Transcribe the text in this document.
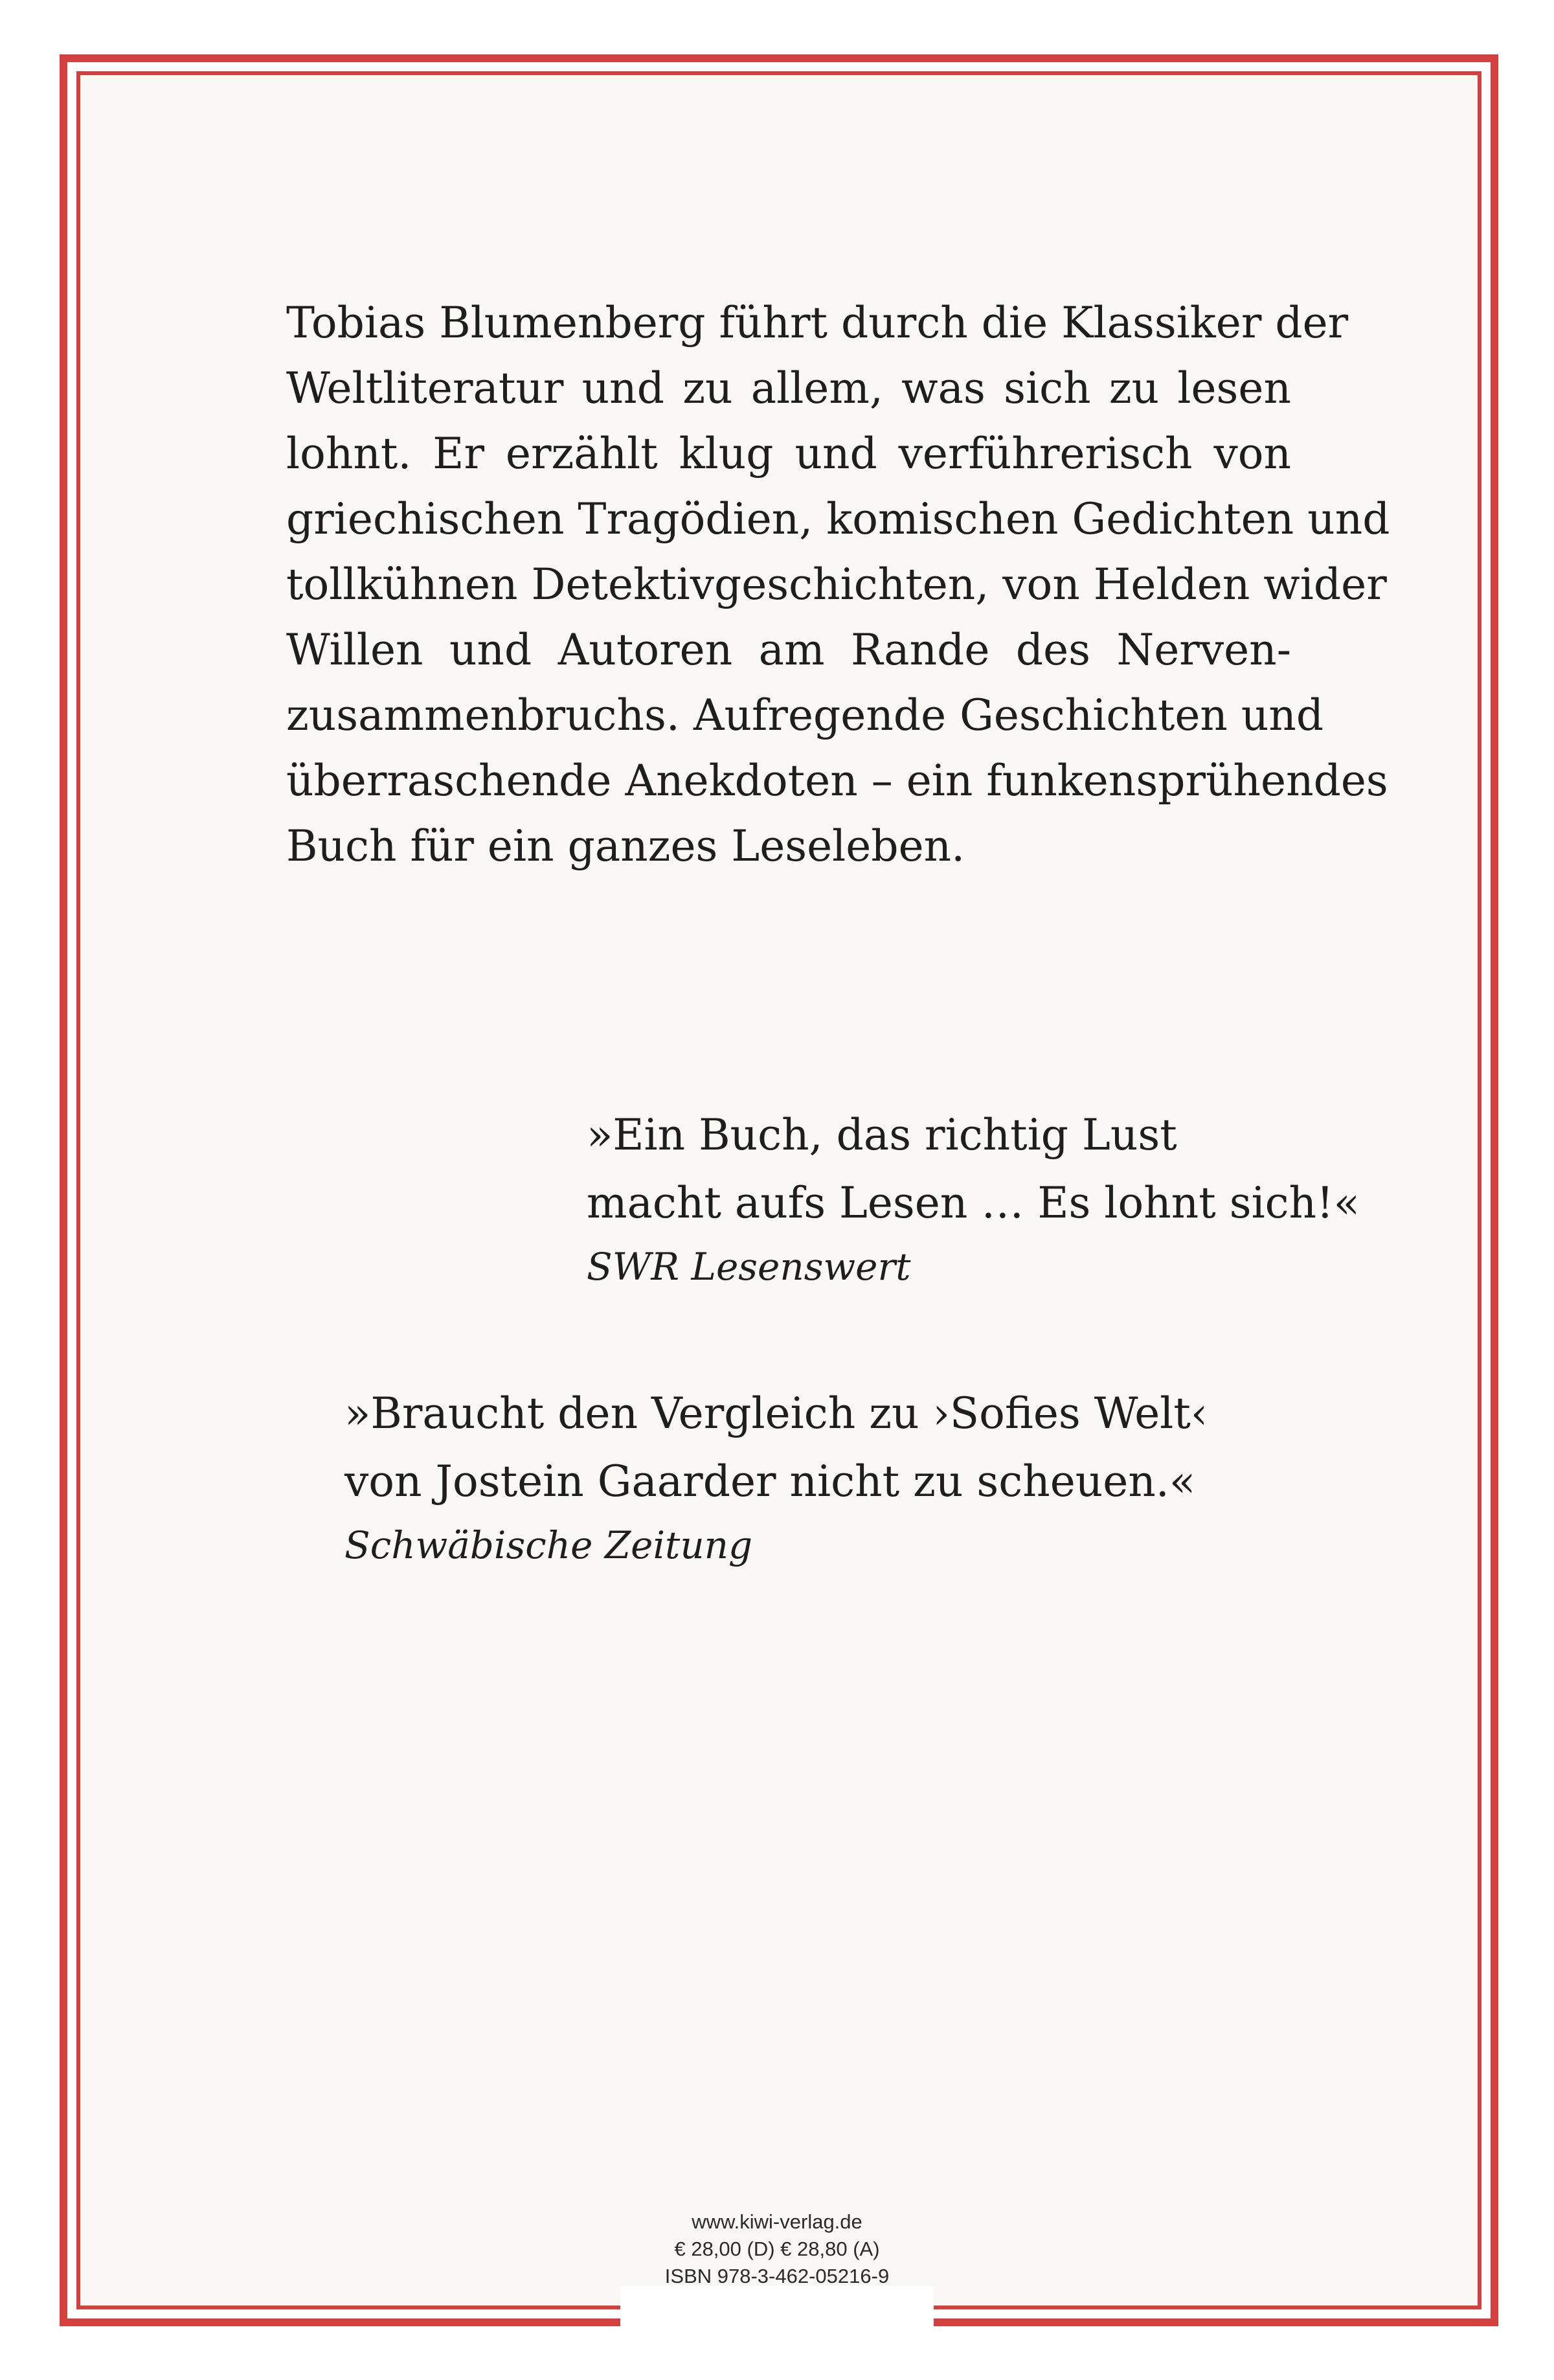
Tobias Blumenberg führt durch die Klassiker der
Weltliteratur und zu allem, was sich zu lesen
lohnt. Er erzählt klug und verführerisch von
griechischen Tragödien, komischen Gedichten und
tollkühnen Detektivgeschichten, von Helden wider
Willen und Autoren am Rande des Nerven-
zusammenbruchs. Aufregende Geschichten und
überraschende Anekdoten – ein funkensprühendes
Buch für ein ganzes Leseleben.

»Ein Buch, das richtig Lust
macht aufs Lesen … Es lohnt sich!«
SWR Lesenswert
»Braucht den Vergleich zu ›Sofies Welt‹
von Jostein Gaarder nicht zu scheuen.«
Schwäbische Zeitung
www.kiwi-verlag.de
€ 28,00 (D) € 28,80 (A)
ISBN 978-3-462-05216-9
